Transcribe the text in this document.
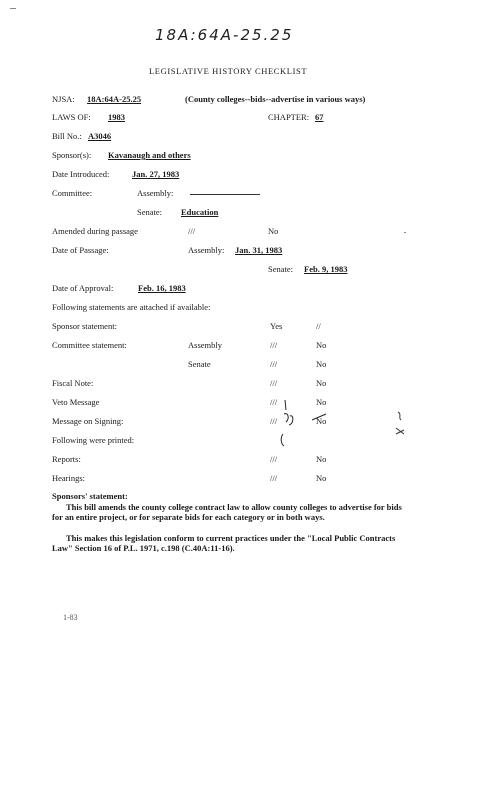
18A:64A-25.25
LEGISLATIVE HISTORY CHECKLIST
NJSA: 18A:64A-25.25	(County colleges--bids--advertise in various ways)
LAWS OF: 1983	CHAPTER: 67
Bill No.: A3046
Sponsor(s): Kavanaugh and others
Date Introduced:	Jan. 27, 1983
Committee:	Assembly:
Senate: Education
Amended during passage	///	No
Date of Passage:	Assembly: Jan. 31, 1983
Senate: Feb. 9, 1983
Date of Approval:	Feb. 16, 1983
Following statements are attached if available:
Sponsor statement:	Yes	//
Committee statement:	Assembly	///	No
Senate	///	No
Fiscal Note:	///	No
Veto Message	///	No
Message on Signing:	///	No
Following were printed:
Reports:	///	No
Hearings:	///	No
Sponsors' statement:
This bill amends the county college contract law to allow county colleges to advertise for bids for an entire project, or for separate bids for each category or in both ways.
This makes this legislation conform to current practices under the "Local Public Contracts Law" Section 16 of P.L. 1971, c.198 (C.40A:11-16).
1-83
